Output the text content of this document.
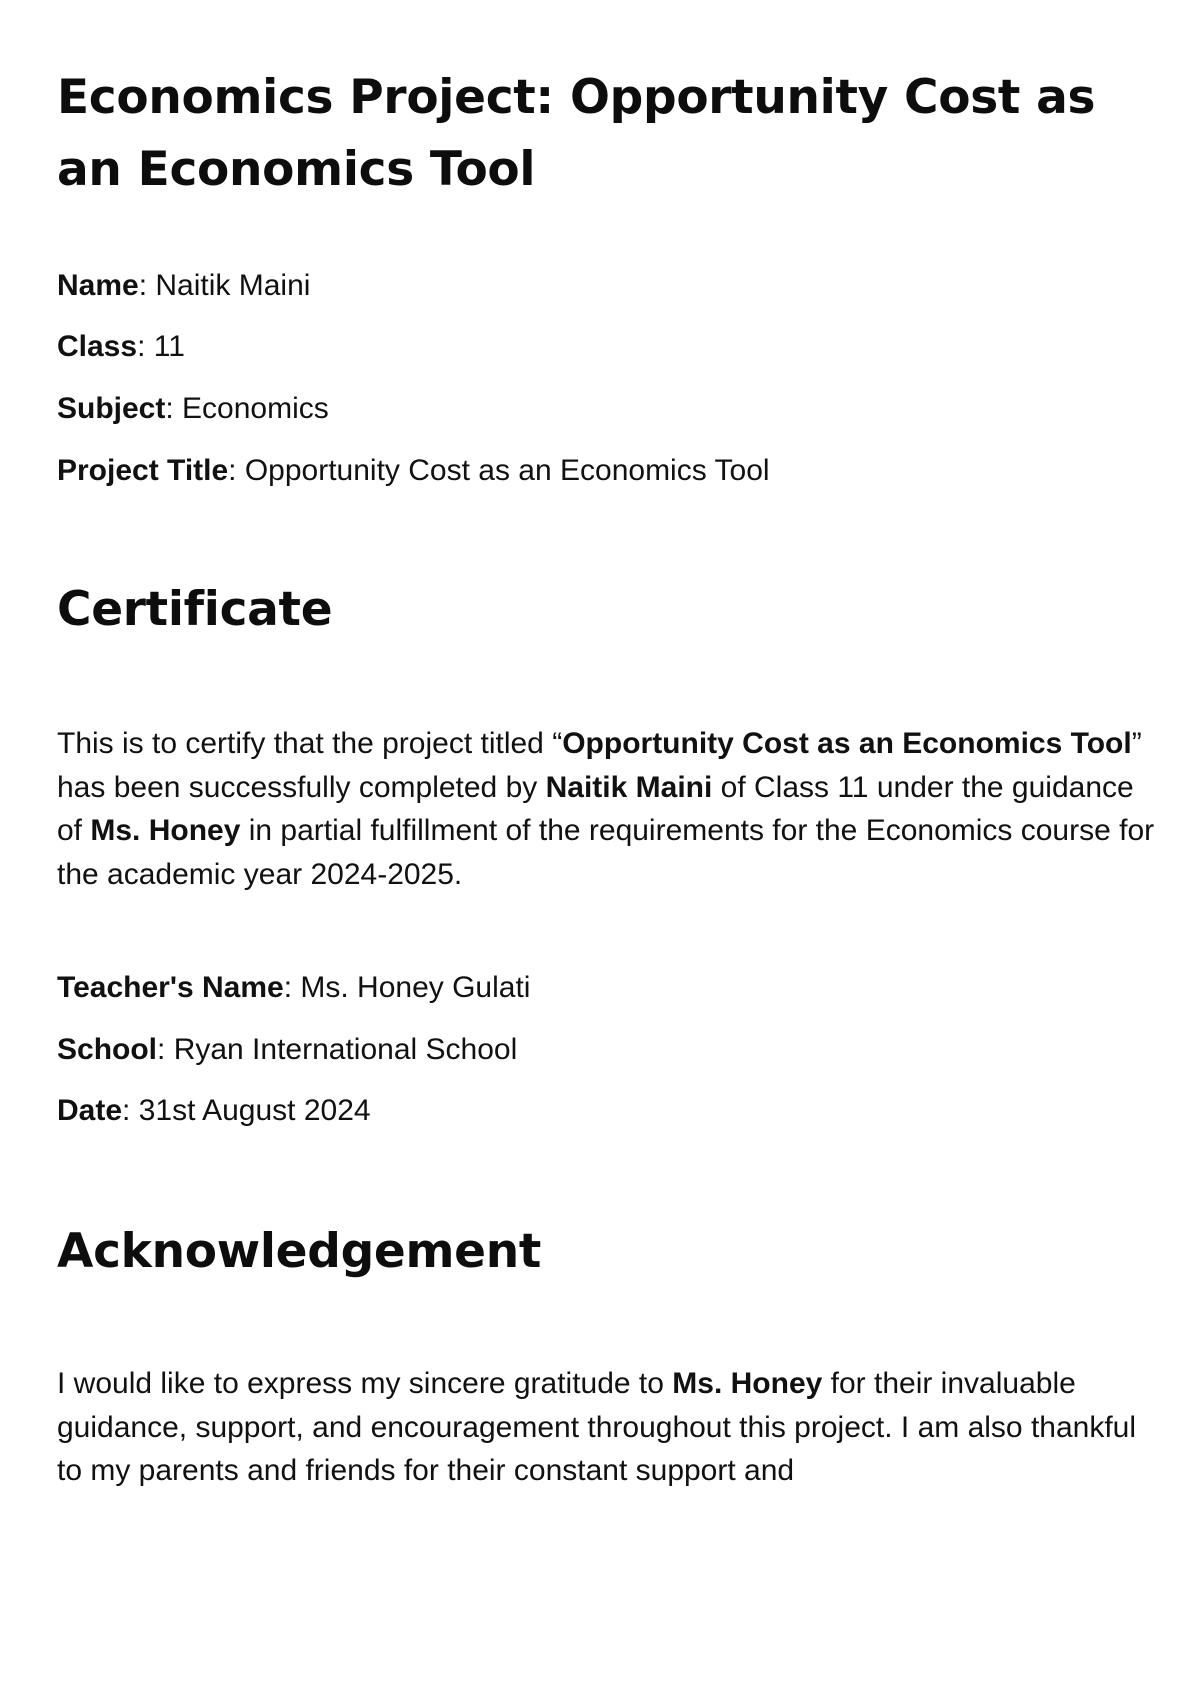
Economics Project: Opportunity Cost as an Economics Tool
Name: Naitik Maini
Class: 11
Subject: Economics
Project Title: Opportunity Cost as an Economics Tool
Certificate

This is to certify that the project titled “Opportunity Cost as an Economics Tool” has been successfully completed by Naitik Maini of Class 11 under the guidance of Ms. Honey in partial fulfillment of the requirements for the Economics course for the academic year 2024-2025.

Teacher's Name: Ms. Honey Gulati
School: Ryan International School
Date: 31st August 2024
Acknowledgement

I would like to express my sincere gratitude to Ms. Honey for their invaluable guidance, support, and encouragement throughout this project. I am also thankful to my parents and friends for their constant support and
